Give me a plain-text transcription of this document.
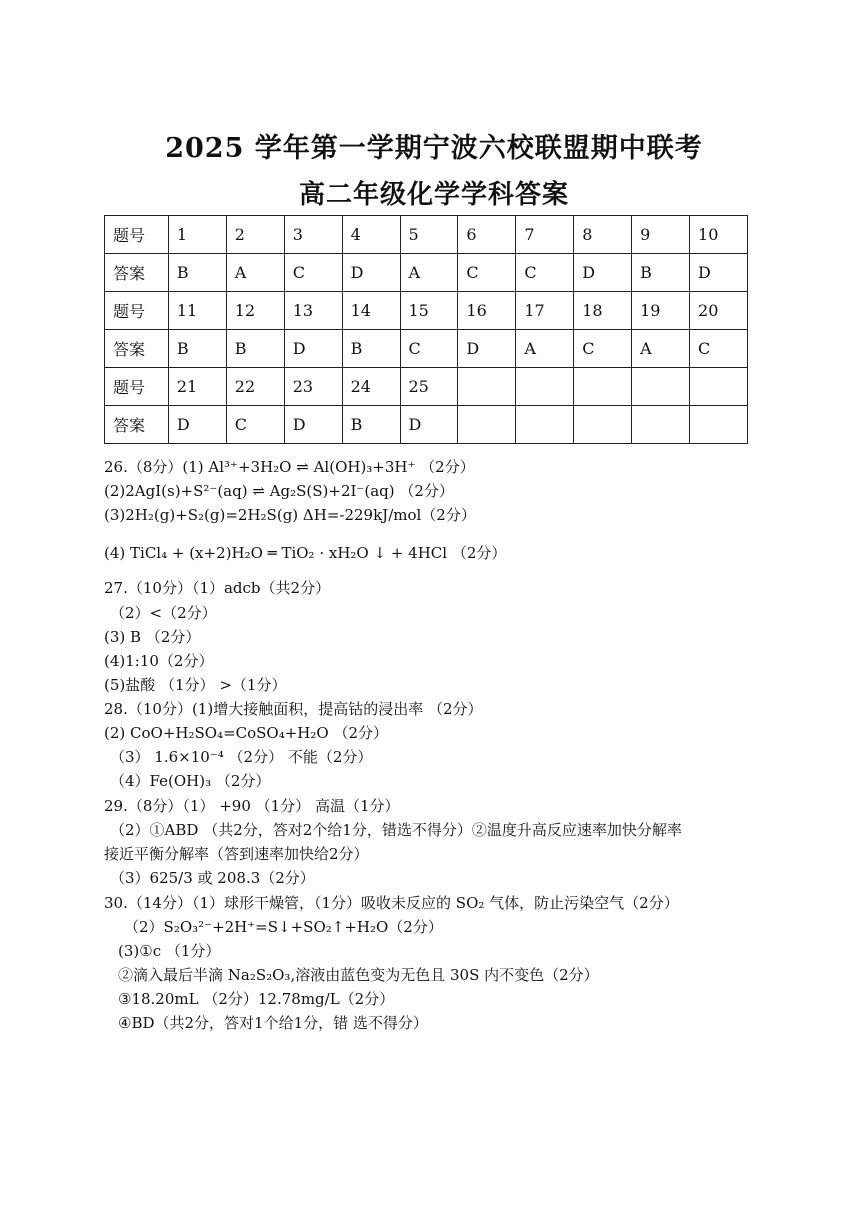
2025 学年第一学期宁波六校联盟期中联考
高二年级化学学科答案
题号	1	2	3	4	5	6	7	8	9	10
答案	B	A	C	D	A	C	C	D	B	D
题号	11	12	13	14	15	16	17	18	19	20
答案	B	B	D	B	C	D	A	C	A	C
题号	21	22	23	24	25					
答案	D	C	D	B	D					
26.（8分）(1) Al³⁺+3H₂O ⇌ Al(OH)₃+3H⁺ （2分）
(2)2AgI(s)+S²⁻(aq) ⇌ Ag₂S(S)+2I⁻(aq) （2分）
(3)2H₂(g)+S₂(g)=2H₂S(g) ΔH=-229kJ/mol（2分）
(4) TiCl₄ + (x+2)H₂O ═ TiO₂ · xH₂O ↓ + 4HCl （2分）
27.（10分）（1）adcb（共2分）
（2）<（2分）
(3) B （2分）
(4)1:10（2分）
(5)盐酸 （1分） >（1分）
28.（10分）(1)增大接触面积，提高钴的浸出率 （2分）
(2) CoO+H₂SO₄=CoSO₄+H₂O （2分）
（3） 1.6×10⁻⁴ （2分） 不能（2分）
（4）Fe(OH)₃ （2分）
29.（8分）（1） +90 （1分） 高温（1分）
（2）①ABD （共2分，答对2个给1分，错选不得分）②温度升高反应速率加快分解率
接近平衡分解率（答到速率加快给2分）
（3）625/3 或 208.3（2分）
30.（14分）（1）球形干燥管，（1分）吸收未反应的 SO₂ 气体，防止污染空气（2分）
（2）S₂O₃²⁻+2H⁺=S↓+SO₂↑+H₂O（2分）
(3)①c （1分）
②滴入最后半滴 Na₂S₂O₃,溶液由蓝色变为无色且 30S 内不变色（2分）
③18.20mL （2分）12.78mg/L（2分）
④BD（共2分，答对1个给1分，错 选不得分）
